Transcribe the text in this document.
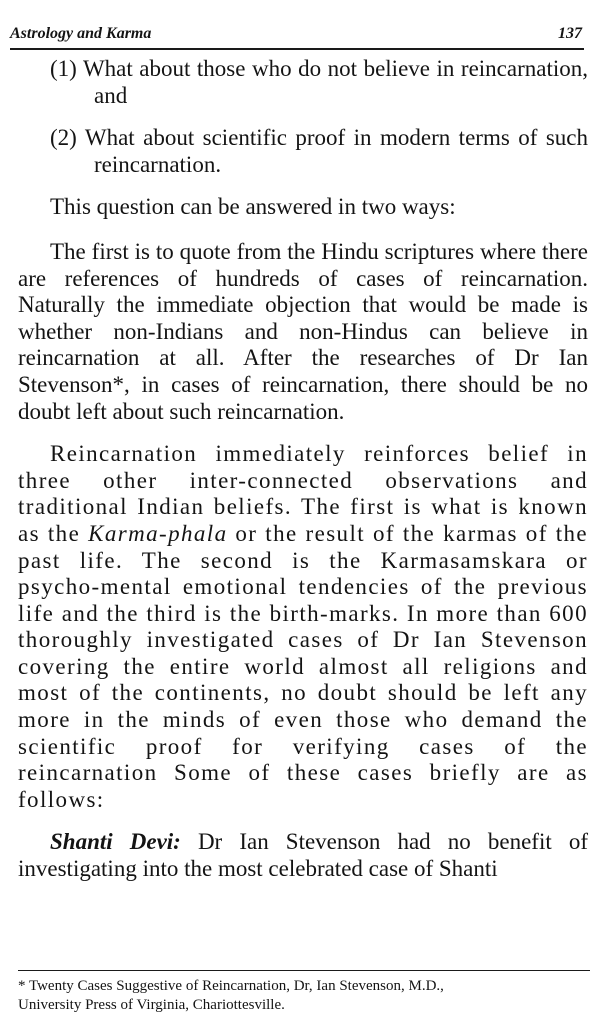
Astrology and Karma	137

(1) What about those who do not believe in reincarnation, and

(2) What about scientific proof in modern terms of such reincarnation.

This question can be answered in two ways:

The first is to quote from the Hindu scriptures where there are references of hundreds of cases of reincarnation. Naturally the immediate objection that would be made is whether non-Indians and non-Hindus can believe in reincarnation at all. After the researches of Dr Ian Stevenson*, in cases of reincarnation, there should be no doubt left about such reincarnation.

Reincarnation immediately reinforces belief in three other inter-connected observations and traditional Indian beliefs. The first is what is known as the Karma-phala or the result of the karmas of the past life. The second is the Karmasamskara or psycho-mental emotional tendencies of the previous life and the third is the birth-marks. In more than 600 thoroughly investigated cases of Dr Ian Stevenson covering the entire world almost all religions and most of the continents, no doubt should be left any more in the minds of even those who demand the scientific proof for verifying cases of the reincarnation Some of these cases briefly are as follows:

Shanti Devi: Dr Ian Stevenson had no benefit of investigating into the most celebrated case of Shanti

* Twenty Cases Suggestive of Reincarnation, Dr, Ian Stevenson, M.D.,

University Press of Virginia, Chariottesville.
